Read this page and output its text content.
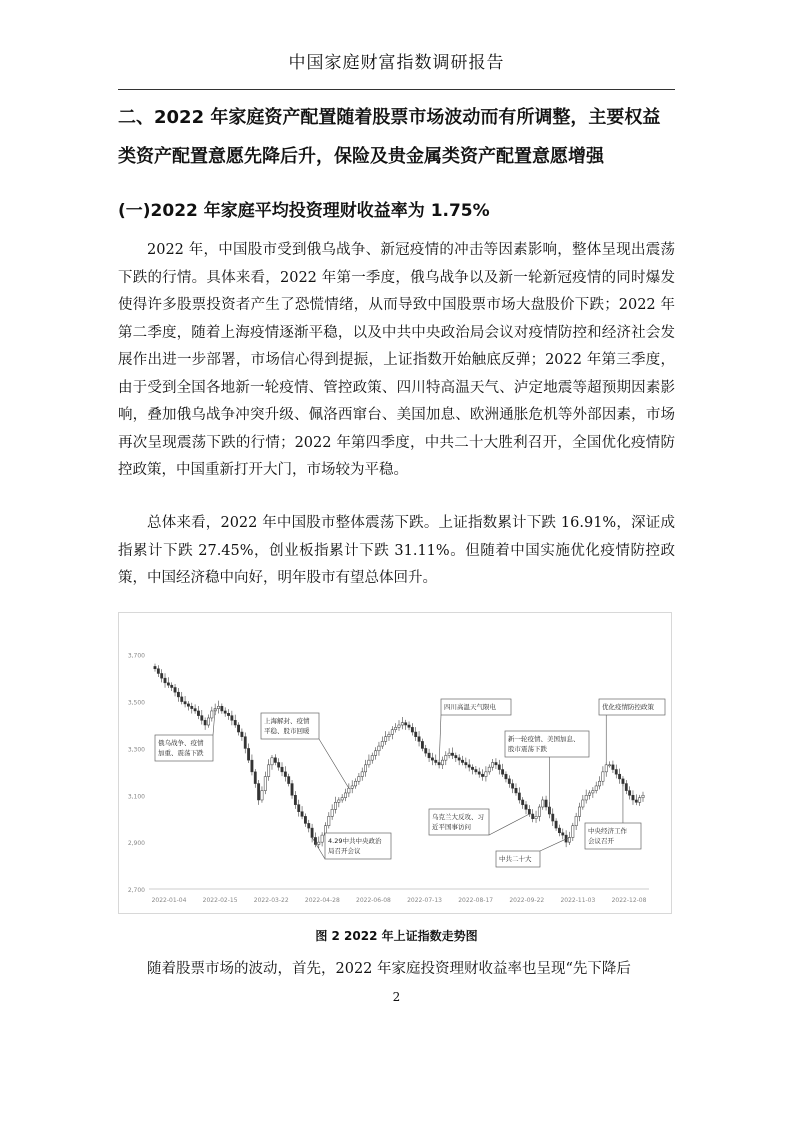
中国家庭财富指数调研报告
二、2022 年家庭资产配置随着股票市场波动而有所调整，主要权益类资产配置意愿先降后升，保险及贵金属类资产配置意愿增强
(一)2022 年家庭平均投资理财收益率为 1.75%

2022 年，中国股市受到俄乌战争、新冠疫情的冲击等因素影响，整体呈现出震荡下跌的行情。具体来看，2022 年第一季度，俄乌战争以及新一轮新冠疫情的同时爆发使得许多股票投资者产生了恐慌情绪，从而导致中国股票市场大盘股价下跌；2022 年第二季度，随着上海疫情逐渐平稳，以及中共中央政治局会议对疫情防控和经济社会发展作出进一步部署，市场信心得到提振，上证指数开始触底反弹；2022 年第三季度，由于受到全国各地新一轮疫情、管控政策、四川特高温天气、泸定地震等超预期因素影响，叠加俄乌战争冲突升级、佩洛西窜台、美国加息、欧洲通胀危机等外部因素，市场再次呈现震荡下跌的行情；2022 年第四季度，中共二十大胜利召开，全国优化疫情防控政策，中国重新打开大门，市场较为平稳。

总体来看，2022 年中国股市整体震荡下跌。上证指数累计下跌 16.91%，深证成指累计下跌 27.45%，创业板指累计下跌 31.11%。但随着中国实施优化疫情防控政策，中国经济稳中向好，明年股市有望总体回升。

3,700
3,500
3,300
3,100
2,900
2,700
2022-01-04	2022-02-15	2022-03-22	2022-04-28	2022-06-08	2022-07-13	2022-08-17	2022-09-22	2022-11-03	2022-12-08
俄乌战争、疫情
加重、震荡下跌
上海解封、疫情
平稳、股市回暖
4.29中共中央政治
局召开会议
四川高温天气限电
新一轮疫情、美国加息、
股市震荡下跌
乌克兰大反攻、习
近平国事访问
中共二十大
优化疫情防控政策
中央经济工作
会议召开
图 2 2022 年上证指数走势图

随着股票市场的波动，首先，2022 年家庭投资理财收益率也呈现“先下降后

2
